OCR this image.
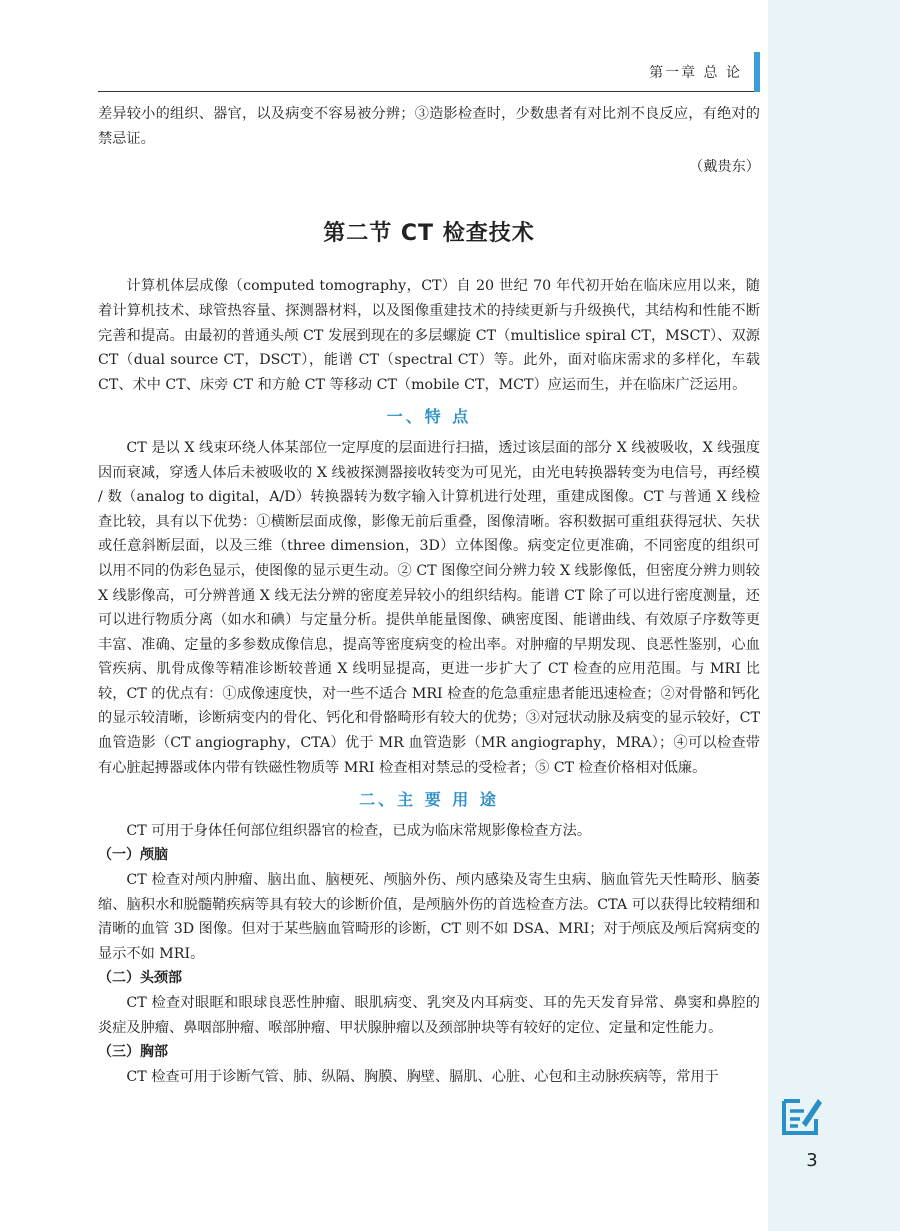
第一章 总 论

差异较小的组织、器官，以及病变不容易被分辨；③造影检查时，少数患者有对比剂不良反应，有绝对的禁忌证。

（戴贵东）

第二节 CT 检查技术

计算机体层成像（computed tomography，CT）自 20 世纪 70 年代初开始在临床应用以来，随着计算机技术、球管热容量、探测器材料，以及图像重建技术的持续更新与升级换代，其结构和性能不断完善和提高。由最初的普通头颅 CT 发展到现在的多层螺旋 CT（multislice spiral CT，MSCT）、双源 CT（dual source CT，DSCT），能谱 CT（spectral CT）等。此外，面对临床需求的多样化，车载 CT、术中 CT、床旁 CT 和方舱 CT 等移动 CT（mobile CT，MCT）应运而生，并在临床广泛运用。

一、特 点

CT 是以 X 线束环绕人体某部位一定厚度的层面进行扫描，透过该层面的部分 X 线被吸收，X 线强度因而衰减，穿透人体后未被吸收的 X 线被探测器接收转变为可见光，由光电转换器转变为电信号，再经模 / 数（analog to digital，A/D）转换器转为数字输入计算机进行处理，重建成图像。CT 与普通 X 线检查比较，具有以下优势：①横断层面成像，影像无前后重叠，图像清晰。容积数据可重组获得冠状、矢状或任意斜断层面，以及三维（three dimension，3D）立体图像。病变定位更准确，不同密度的组织可以用不同的伪彩色显示，使图像的显示更生动。② CT 图像空间分辨力较 X 线影像低，但密度分辨力则较 X 线影像高，可分辨普通 X 线无法分辨的密度差异较小的组织结构。能谱 CT 除了可以进行密度测量，还可以进行物质分离（如水和碘）与定量分析。提供单能量图像、碘密度图、能谱曲线、有效原子序数等更丰富、准确、定量的多参数成像信息，提高等密度病变的检出率。对肿瘤的早期发现、良恶性鉴别，心血管疾病、肌骨成像等精准诊断较普通 X 线明显提高，更进一步扩大了 CT 检查的应用范围。与 MRI 比较，CT 的优点有：①成像速度快，对一些不适合 MRI 检查的危急重症患者能迅速检查；②对骨骼和钙化的显示较清晰，诊断病变内的骨化、钙化和骨骼畸形有较大的优势；③对冠状动脉及病变的显示较好，CT 血管造影（CT angiography，CTA）优于 MR 血管造影（MR angiography，MRA）；④可以检查带有心脏起搏器或体内带有铁磁性物质等 MRI 检查相对禁忌的受检者；⑤ CT 检查价格相对低廉。

二、主 要 用 途

CT 可用于身体任何部位组织器官的检查，已成为临床常规影像检查方法。

（一）颅脑

CT 检查对颅内肿瘤、脑出血、脑梗死、颅脑外伤、颅内感染及寄生虫病、脑血管先天性畸形、脑萎缩、脑积水和脱髓鞘疾病等具有较大的诊断价值，是颅脑外伤的首选检查方法。CTA 可以获得比较精细和清晰的血管 3D 图像。但对于某些脑血管畸形的诊断，CT 则不如 DSA、MRI；对于颅底及颅后窝病变的显示不如 MRI。

（二）头颈部

CT 检查对眼眶和眼球良恶性肿瘤、眼肌病变、乳突及内耳病变、耳的先天发育异常、鼻窦和鼻腔的炎症及肿瘤、鼻咽部肿瘤、喉部肿瘤、甲状腺肿瘤以及颈部肿块等有较好的定位、定量和定性能力。

（三）胸部

CT 检查可用于诊断气管、肺、纵隔、胸膜、胸壁、膈肌、心脏、心包和主动脉疾病等，常用于

3
